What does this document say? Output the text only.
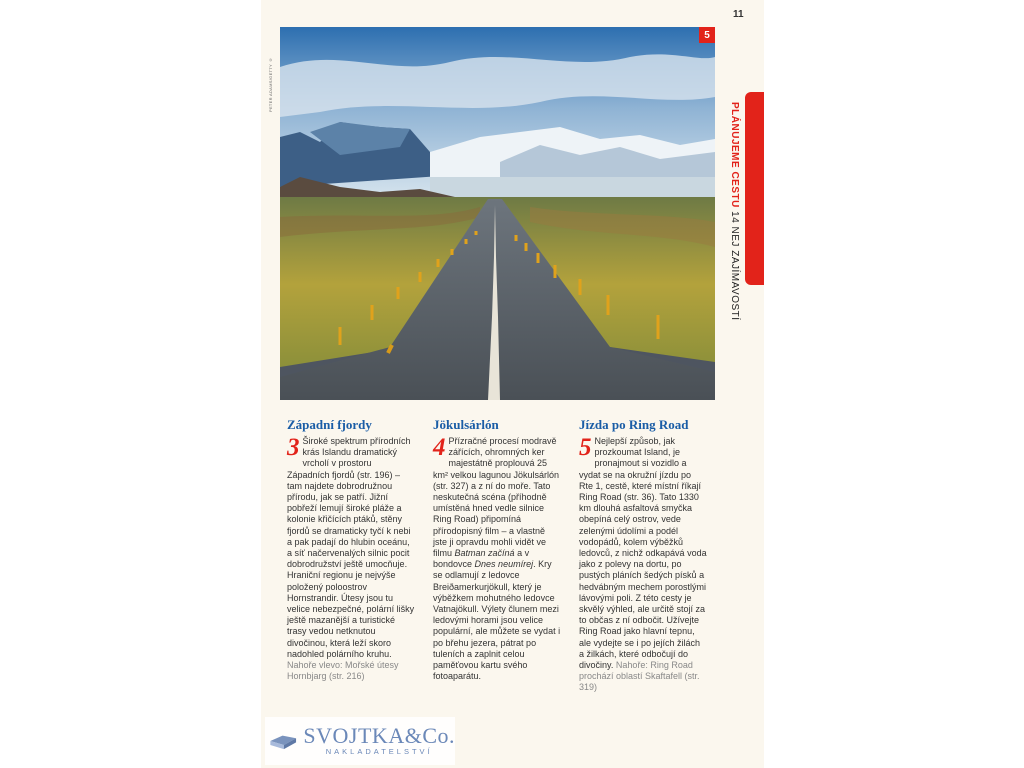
11
5
PETER ADAMS/GETTY ©
PLÁNUJEME CESTU 14 NEJ ZAJÍMAVOSTÍ
Západní fjordy

3 Široké spektrum přírodních krás Islandu dramatický vrcholí v prostoru Západních fjordů (str. 196) – tam najdete dobrodružnou přírodu, jak se patří. Jižní pobřeží lemují široké pláže a kolonie křičících ptáků, stěny fjordů se dramaticky tyčí k nebi a pak padají do hlubin oceánu, a síť načervenalých silnic pocit dobrodružství ještě umocňuje. Hraniční regionu je nejvýše položený poloostrov Hornstrandir. Útesy jsou tu velice nebezpečné, polární lišky ještě mazanější a turistické trasy vedou netknutou divočinou, která leží skoro nadohled polárního kruhu.

Nahoře vlevo: Mořské útesy Hornbjarg (str. 216)

Jökulsárlón

4 Přízračné procesí modravě zářících, ohromných ker majestátně proplouvá 25 km² velkou lagunou Jökulsárlón (str. 327) a z ní do moře. Tato neskutečná scéna (příhodně umístěná hned vedle silnice Ring Road) připomíná přírodopisný film – a vlastně jste ji opravdu mohli vidět ve filmu Batman začíná a v bondovce Dnes neumírej. Kry se odlamují z ledovce Breiðamerkurjökull, který je výběžkem mohutného ledovce Vatnajökull. Výlety člunem mezi ledovými horami jsou velice populární, ale můžete se vydat i po břehu jezera, pátrat po tuleních a zaplnit celou paměťovou kartu svého fotoaparátu.

Jízda po Ring Road

5 Nejlepší způsob, jak prozkoumat Island, je pronajmout si vozidlo a vydat se na okružní jízdu po Rte 1, cestě, které místní říkají Ring Road (str. 36). Tato 1330 km dlouhá asfaltová smyčka obepíná celý ostrov, vede zelenými údolími a podél vodopádů, kolem výběžků ledovců, z nichž odkapává voda jako z polevy na dortu, po pustých pláních šedých písků a hedvábným mechem porostlými lávovými poli. Z této cesty je skvělý výhled, ale určitě stojí za to občas z ní odbočit. Užívejte Ring Road jako hlavní tepnu, ale vydejte se i po jejích žilách a žilkách, které odbočují do divočiny. Nahoře: Ring Road prochází oblastí Skaftafell (str. 319)

SVOJTKA&Co.
NAKLADATELSTVÍ
